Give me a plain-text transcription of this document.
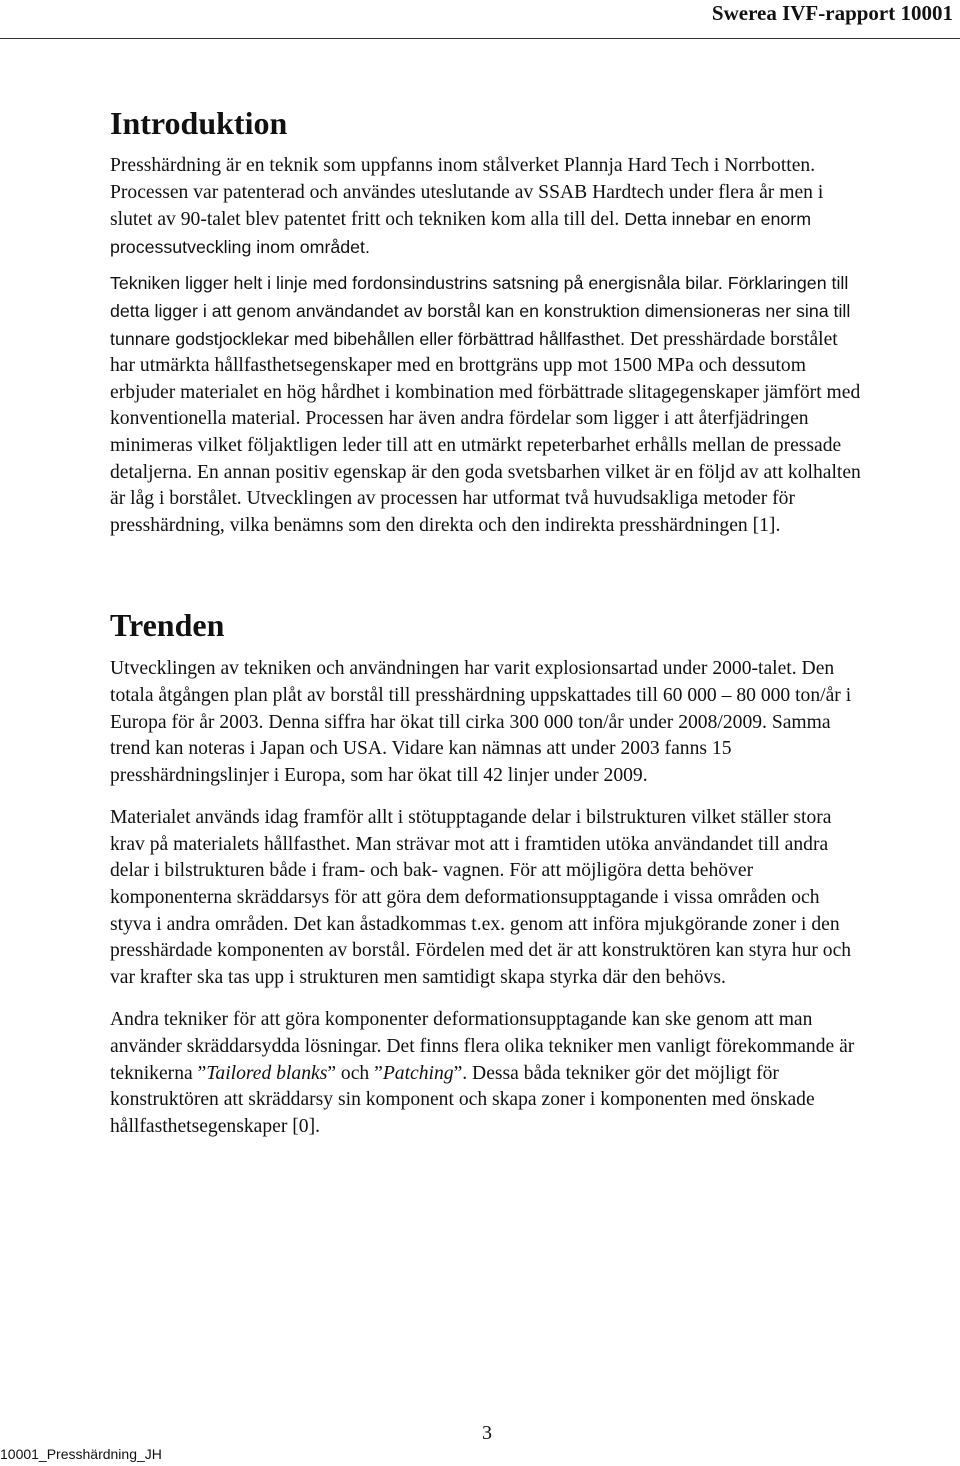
Swerea IVF-rapport 10001
Introduktion

Presshärdning är en teknik som uppfanns inom stålverket Plannja Hard Tech i Norrbotten. Processen var patenterad och användes uteslutande av SSAB Hardtech under flera år men i slutet av 90-talet blev patentet fritt och tekniken kom alla till del. Detta innebar en enorm processutveckling inom området.

Tekniken ligger helt i linje med fordonsindustrins satsning på energisnåla bilar. Förklaringen till detta ligger i att genom användandet av borstål kan en konstruktion dimensioneras ner sina till tunnare godstjocklekar med bibehållen eller förbättrad hållfasthet. Det presshärdade borstålet har utmärkta hållfasthetsegenskaper med en brottgräns upp mot 1500 MPa och dessutom erbjuder materialet en hög hårdhet i kombination med förbättrade slitagegenskaper jämfört med konventionella material. Processen har även andra fördelar som ligger i att återfjädringen minimeras vilket följaktligen leder till att en utmärkt repeterbarhet erhålls mellan de pressade detaljerna. En annan positiv egenskap är den goda svetsbarhen vilket är en följd av att kolhalten är låg i borstålet. Utvecklingen av processen har utformat två huvudsakliga metoder för presshärdning, vilka benämns som den direkta och den indirekta presshärdningen [1].

Trenden

Utvecklingen av tekniken och användningen har varit explosionsartad under 2000-talet. Den totala åtgången plan plåt av borstål till presshärdning uppskattades till 60 000 – 80 000 ton/år i Europa för år 2003. Denna siffra har ökat till cirka 300 000 ton/år under 2008/2009. Samma trend kan noteras i Japan och USA. Vidare kan nämnas att under 2003 fanns 15 presshärdningslinjer i Europa, som har ökat till 42 linjer under 2009.

Materialet används idag framför allt i stötupptagande delar i bilstrukturen vilket ställer stora krav på materialets hållfasthet. Man strävar mot att i framtiden utöka användandet till andra delar i bilstrukturen både i fram- och bak- vagnen. För att möjligöra detta behöver komponenterna skräddarsys för att göra dem deformationsupptagande i vissa områden och styva i andra områden. Det kan åstadkommas t.ex. genom att införa mjukgörande zoner i den presshärdade komponenten av borstål. Fördelen med det är att konstruktören kan styra hur och var krafter ska tas upp i strukturen men samtidigt skapa styrka där den behövs.

Andra tekniker för att göra komponenter deformationsupptagande kan ske genom att man använder skräddarsydda lösningar. Det finns flera olika tekniker men vanligt förekommande är teknikerna ”Tailored blanks” och ”Patching”. Dessa båda tekniker gör det möjligt för konstruktören att skräddarsy sin komponent och skapa zoner i komponenten med önskade hållfasthetsegenskaper [0].

3
10001_Presshärdning_JH
